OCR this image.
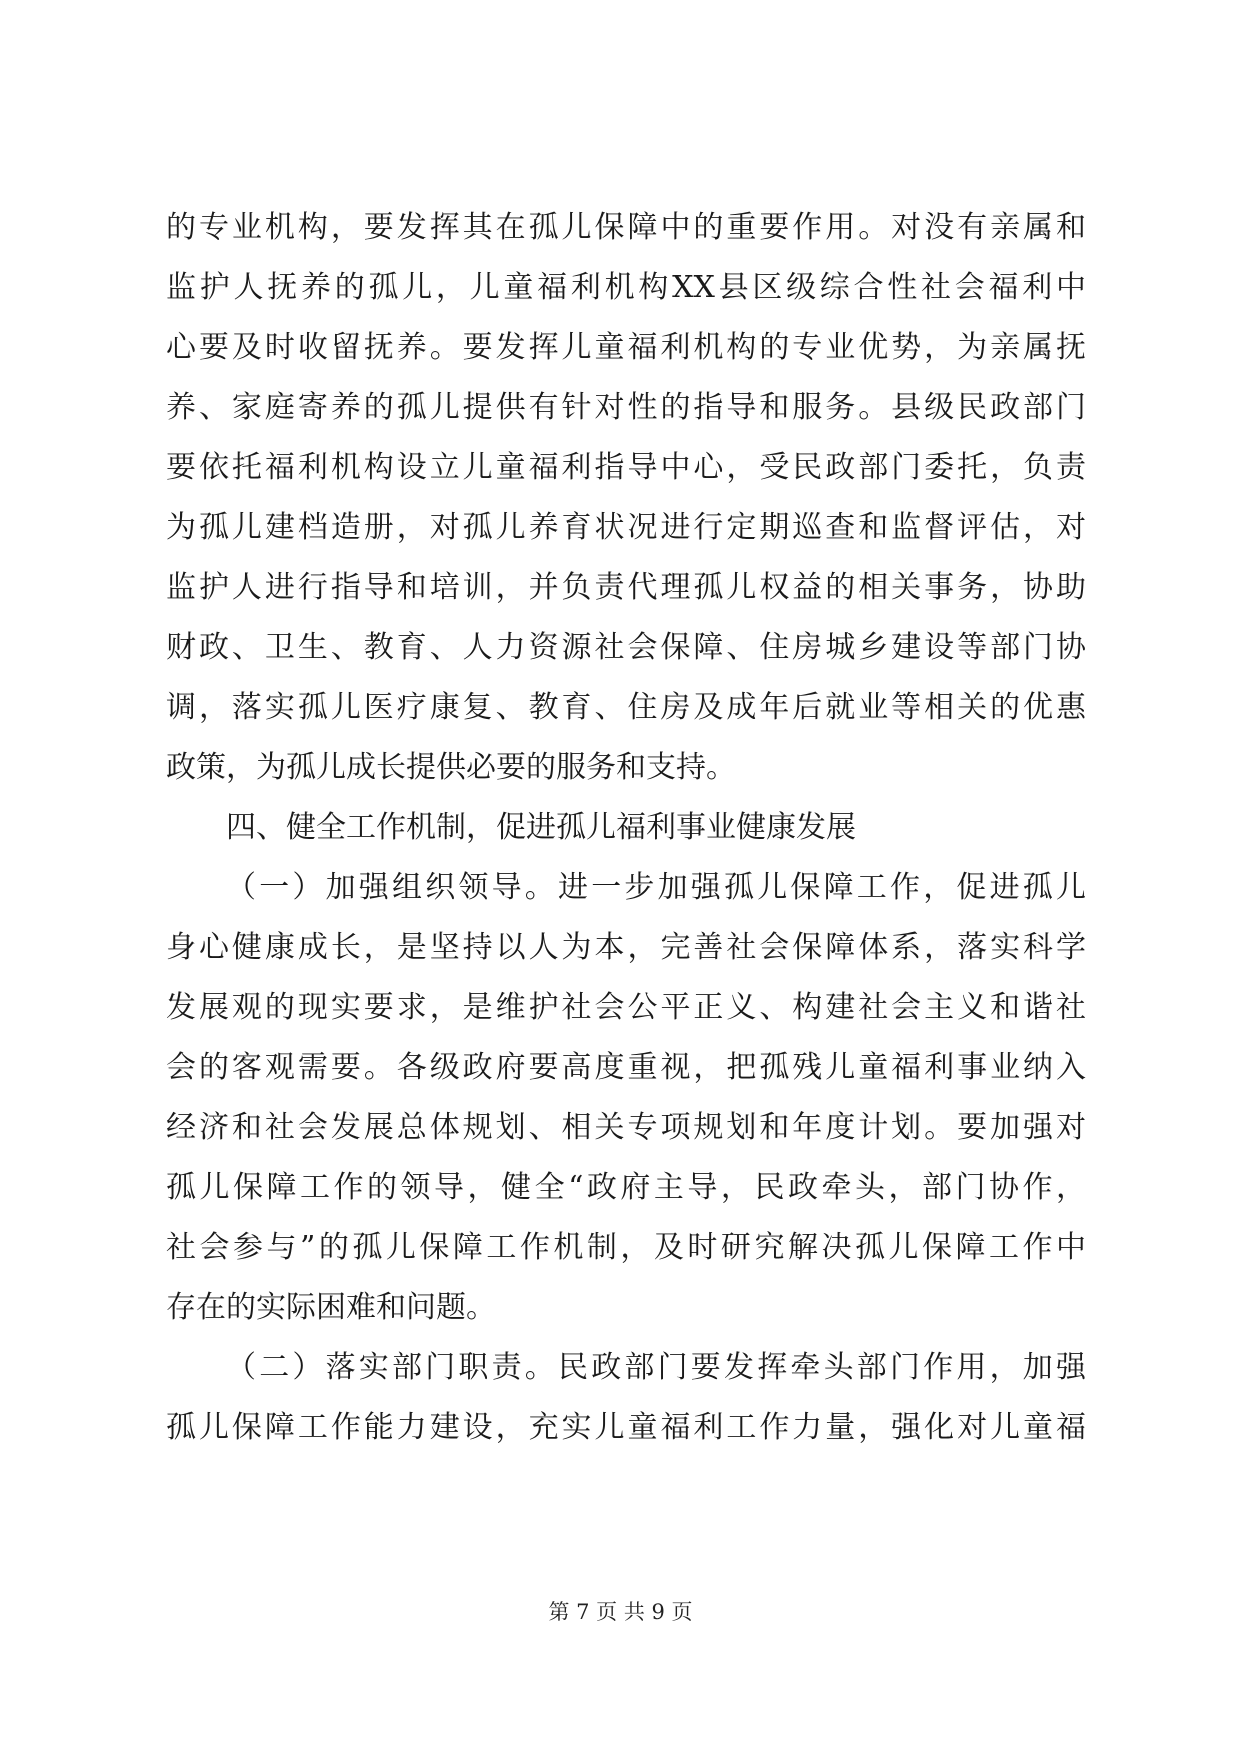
的专业机构，要发挥其在孤儿保障中的重要作用。对没有亲属和
监护人抚养的孤儿，儿童福利机构XX县区级综合性社会福利中
心要及时收留抚养。要发挥儿童福利机构的专业优势，为亲属抚
养、家庭寄养的孤儿提供有针对性的指导和服务。县级民政部门
要依托福利机构设立儿童福利指导中心，受民政部门委托，负责
为孤儿建档造册，对孤儿养育状况进行定期巡查和监督评估，对
监护人进行指导和培训，并负责代理孤儿权益的相关事务，协助
财政、卫生、教育、人力资源社会保障、住房城乡建设等部门协
调，落实孤儿医疗康复、教育、住房及成年后就业等相关的优惠
政策，为孤儿成长提供必要的服务和支持。
四、健全工作机制，促进孤儿福利事业健康发展
（一）加强组织领导。进一步加强孤儿保障工作，促进孤儿
身心健康成长，是坚持以人为本，完善社会保障体系，落实科学
发展观的现实要求，是维护社会公平正义、构建社会主义和谐社
会的客观需要。各级政府要高度重视，把孤残儿童福利事业纳入
经济和社会发展总体规划、相关专项规划和年度计划。要加强对
孤儿保障工作的领导，健全“政府主导，民政牵头，部门协作，
社会参与”的孤儿保障工作机制，及时研究解决孤儿保障工作中
存在的实际困难和问题。
（二）落实部门职责。民政部门要发挥牵头部门作用，加强
孤儿保障工作能力建设，充实儿童福利工作力量，强化对儿童福
第 7 页 共 9 页
